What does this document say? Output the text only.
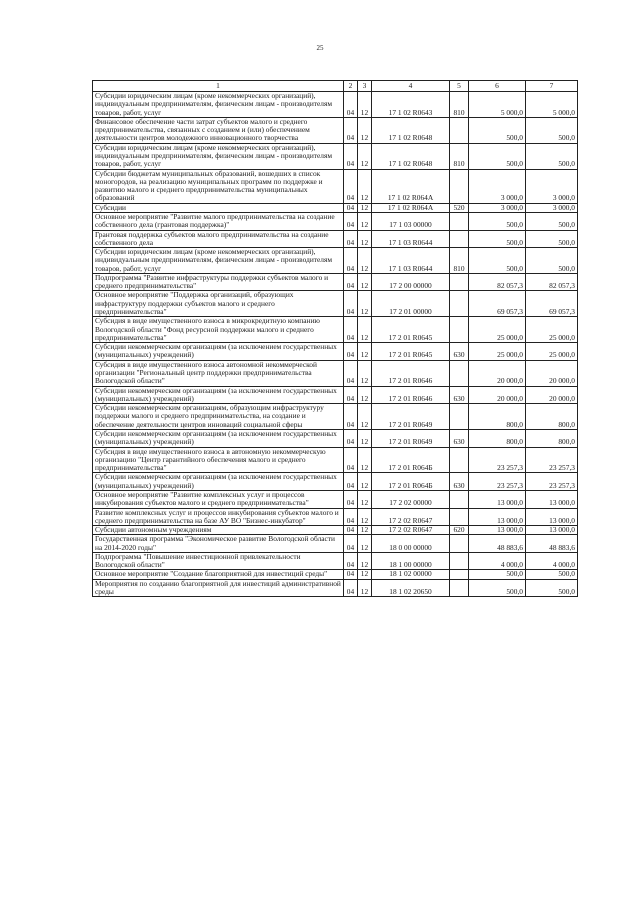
25
1	2	3	4	5	6	7
Субсидии юридическим лицам (кроме некоммерческих организаций), индивидуальным предпринимателям, физическим лицам - производителям товаров, работ, услуг	04	12	17 1 02 R0643	810	5 000,0	5 000,0
Финансовое обеспечение части затрат субъектов малого и среднего предпринимательства, связанных с созданием и (или) обеспечением деятельности центров молодежного инновационного творчества	04	12	17 1 02 R0648		500,0	500,0
Субсидии юридическим лицам (кроме некоммерческих организаций), индивидуальным предпринимателям, физическим лицам - производителям товаров, работ, услуг	04	12	17 1 02 R0648	810	500,0	500,0
Субсидии бюджетам муниципальных образований, вошедших в список моногородов, на реализацию муниципальных программ по поддержке и развитию малого и среднего предпринимательства муниципальных образований	04	12	17 1 02 R064A		3 000,0	3 000,0
Субсидии	04	12	17 1 02 R064A	520	3 000,0	3 000,0
Основное мероприятие "Развитие малого предпринимательства на создание собственного дела (грантовая поддержка)"	04	12	17 1 03 00000		500,0	500,0
Грантовая поддержка субъектов малого предпринимательства на создание собственного дела	04	12	17 1 03 R0644		500,0	500,0
Субсидии юридическим лицам (кроме некоммерческих организаций), индивидуальным предпринимателям, физическим лицам - производителям товаров, работ, услуг	04	12	17 1 03 R0644	810	500,0	500,0
Подпрограмма "Развитие инфраструктуры поддержки субъектов малого и среднего предпринимательства"	04	12	17 2 00 00000		82 057,3	82 057,3
Основное мероприятие "Поддержка организаций, образующих инфраструктуру поддержки субъектов малого и среднего предпринимательства"	04	12	17 2 01 00000		69 057,3	69 057,3
Субсидия в виде имущественного взноса в микрокредитную компанию Вологодской области "Фонд ресурсной поддержки малого и среднего предпринимательства"	04	12	17 2 01 R0645		25 000,0	25 000,0
Субсидии некоммерческим организациям (за исключением государственных (муниципальных) учреждений)	04	12	17 2 01 R0645	630	25 000,0	25 000,0
Субсидия в виде имущественного взноса автономной некоммерческой организации "Региональный центр поддержки предпринимательства Вологодской области"	04	12	17 2 01 R0646		20 000,0	20 000,0
Субсидии некоммерческим организациям (за исключением государственных (муниципальных) учреждений)	04	12	17 2 01 R0646	630	20 000,0	20 000,0
Субсидии некоммерческим организациям, образующим инфраструктуру поддержки малого и среднего предпринимательства, на создание и обеспечение деятельности центров инноваций социальной сферы	04	12	17 2 01 R0649		800,0	800,0
Субсидии некоммерческим организациям (за исключением государственных (муниципальных) учреждений)	04	12	17 2 01 R0649	630	800,0	800,0
Субсидия в виде имущественного взноса в автономную некоммерческую организацию "Центр гарантийного обеспечения малого и среднего предпринимательства"	04	12	17 2 01 R064Б		23 257,3	23 257,3
Субсидии некоммерческим организациям (за исключением государственных (муниципальных) учреждений)	04	12	17 2 01 R064Б	630	23 257,3	23 257,3
Основное мероприятие "Развитие комплексных услуг и процессов инкубирования субъектов малого и среднего предпринимательства"	04	12	17 2 02 00000		13 000,0	13 000,0
Развитие комплексных услуг и процессов инкубирования субъектов малого и среднего предпринимательства на базе АУ ВО "Бизнес-инкубатор"	04	12	17 2 02 R0647		13 000,0	13 000,0
Субсидии автономным учреждениям	04	12	17 2 02 R0647	620	13 000,0	13 000,0
Государственная программа "Экономическое развитие Вологодской области на 2014-2020 годы"	04	12	18 0 00 00000		48 883,6	48 883,6
Подпрограмма "Повышение инвестиционной привлекательности Вологодской области"	04	12	18 1 00 00000		4 000,0	4 000,0
Основное мероприятие "Создание благоприятной для инвестиций среды"	04	12	18 1 02 00000		500,0	500,0
Мероприятия по созданию благоприятной для инвестиций административной среды	04	12	18 1 02 20650		500,0	500,0
